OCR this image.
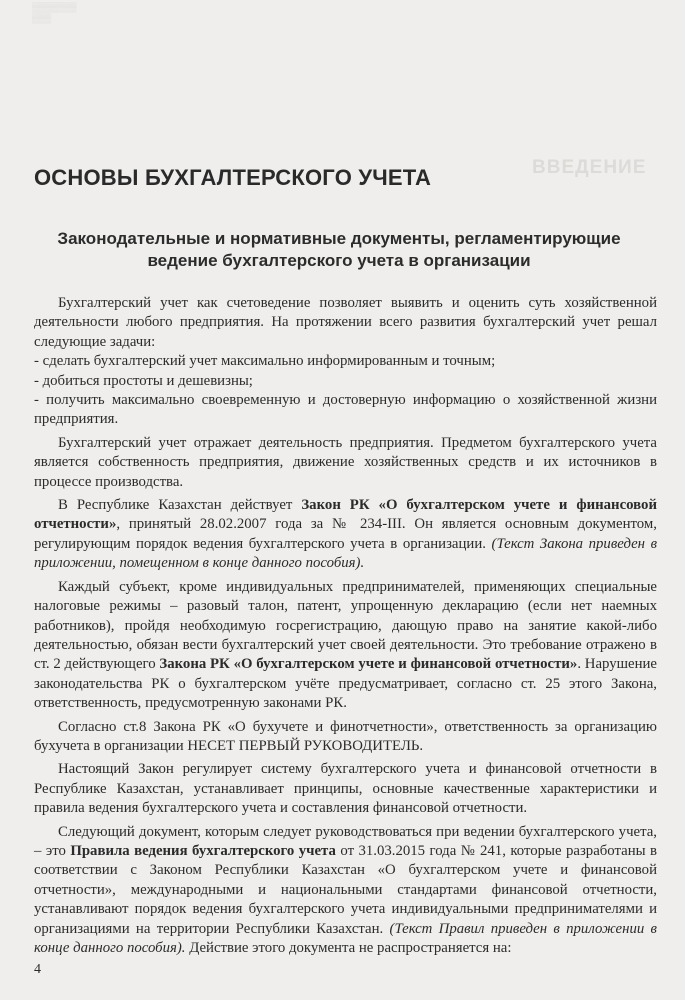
▒▒▒▒▒▒▒
▒▒▒
ВВЕДЕНИЕ
ОСНОВЫ БУХГАЛТЕРСКОГО УЧЕТА
Законодательные и нормативные документы, регламентирующие
ведение бухгалтерского учета в организации

Бухгалтерский учет как счетоведение позволяет выявить и оценить суть хозяйственной деятельности любого предприятия. На протяжении всего развития бухгалтерский учет решал следующие задачи:

- сделать бухгалтерский учет максимально информированным и точным;

- добиться простоты и дешевизны;

- получить максимально своевременную и достоверную информацию о хозяйственной жизни предприятия.

Бухгалтерский учет отражает деятельность предприятия. Предметом бухгалтерского учета является собственность предприятия, движение хозяйственных средств и их источников в процессе производства.

В Республике Казахстан действует Закон РК «О бухгалтерском учете и финансовой отчетности», принятый 28.02.2007 года за № 234-III. Он является основным документом, регулирующим порядок ведения бухгалтерского учета в организации. (Текст Закона приведен в приложении, помещенном в конце данного пособия).

Каждый субъект, кроме индивидуальных предпринимателей, применяющих специальные налоговые режимы – разовый талон, патент, упрощенную декларацию (если нет наемных работников), пройдя необходимую госрегистрацию, дающую право на занятие какой-либо деятельностью, обязан вести бухгалтерский учет своей деятельности. Это требование отражено в ст. 2 действующего Закона РК «О бухгалтерском учете и финансовой отчетности». Нарушение законодательства РК о бухгалтерском учёте предусматривает, согласно ст. 25 этого Закона, ответственность, предусмотренную законами РК.

Согласно ст.8 Закона РК «О бухучете и финотчетности», ответственность за организацию бухучета в организации НЕСЕТ ПЕРВЫЙ РУКОВОДИТЕЛЬ.

Настоящий Закон регулирует систему бухгалтерского учета и финансовой отчетности в Республике Казахстан, устанавливает принципы, основные качественные характеристики и правила ведения бухгалтерского учета и составления финансовой отчетности.

Следующий документ, которым следует руководствоваться при ведении бухгалтерского учета, – это Правила ведения бухгалтерского учета от 31.03.2015 года № 241, которые разработаны в соответствии с Законом Республики Казахстан «О бухгалтерском учете и финансовой отчетности», международными и национальными стандартами финансовой отчетности, устанавливают порядок ведения бухгалтерского учета индивидуальными предпринимателями и организациями на территории Республики Казахстан. (Текст Правил приведен в приложении в конце данного пособия). Действие этого документа не распространяется на:

4
